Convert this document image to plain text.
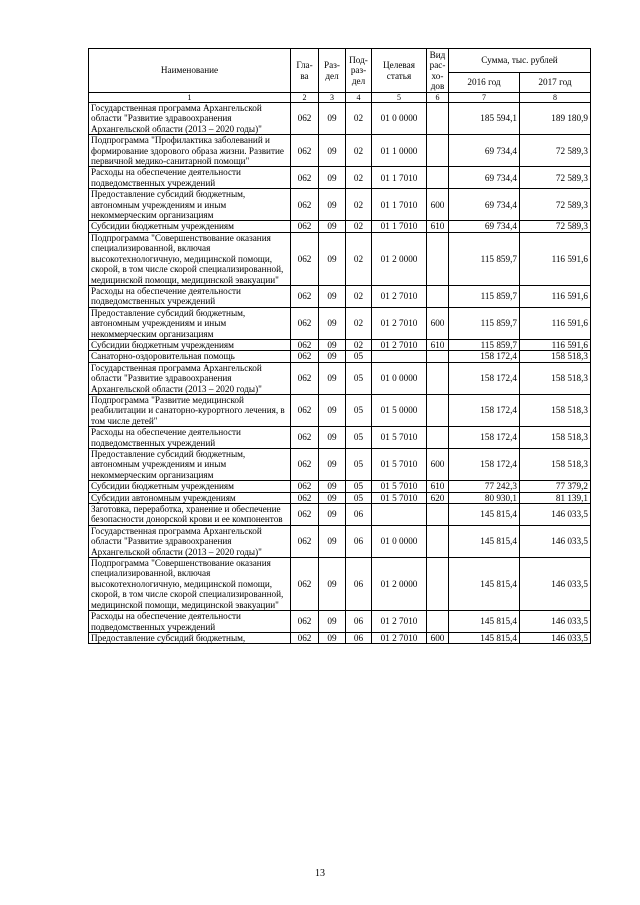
Наименование	Гла-ва	Раз-дел	Под-раз-дел	Целевая статья	Вид рас-хо-дов	Сумма, тыс. рублей	
						2016 год	2017 год
1	2	3	4	5	6	7	8
Государственная программа Архангельской области "Развитие здравоохранения Архангельской области (2013 – 2020 годы)"	062	09	02	01 0 0000		185 594,1	189 180,9
Подпрограмма "Профилактика заболеваний и формирование здорового образа жизни. Развитие первичной медико-санитарной помощи"	062	09	02	01 1 0000		69 734,4	72 589,3
Расходы на обеспечение деятельности подведомственных учреждений	062	09	02	01 1 7010		69 734,4	72 589,3
Предоставление субсидий бюджетным, автономным учреждениям и иным некоммерческим организациям	062	09	02	01 1 7010	600	69 734,4	72 589,3
Субсидии бюджетным учреждениям	062	09	02	01 1 7010	610	69 734,4	72 589,3
Подпрограмма "Совершенствование оказания специализированной, включая высокотехнологичную, медицинской помощи, скорой, в том числе скорой специализированной, медицинской помощи, медицинской эвакуации"	062	09	02	01 2 0000		115 859,7	116 591,6
Расходы на обеспечение деятельности подведомственных учреждений	062	09	02	01 2 7010		115 859,7	116 591,6
Предоставление субсидий бюджетным, автономным учреждениям и иным некоммерческим организациям	062	09	02	01 2 7010	600	115 859,7	116 591,6
Субсидии бюджетным учреждениям	062	09	02	01 2 7010	610	115 859,7	116 591,6
Санаторно-оздоровительная помощь	062	09	05			158 172,4	158 518,3
Государственная программа Архангельской области "Развитие здравоохранения Архангельской области (2013 – 2020 годы)"	062	09	05	01 0 0000		158 172,4	158 518,3
Подпрограмма "Развитие медицинской реабилитации и санаторно-курортного лечения, в том числе детей"	062	09	05	01 5 0000		158 172,4	158 518,3
Расходы на обеспечение деятельности подведомственных учреждений	062	09	05	01 5 7010		158 172,4	158 518,3
Предоставление субсидий бюджетным, автономным учреждениям и иным некоммерческим организациям	062	09	05	01 5 7010	600	158 172,4	158 518,3
Субсидии бюджетным учреждениям	062	09	05	01 5 7010	610	77 242,3	77 379,2
Субсидии автономным учреждениям	062	09	05	01 5 7010	620	80 930,1	81 139,1
Заготовка, переработка, хранение и обеспечение безопасности донорской крови и ее компонентов	062	09	06			145 815,4	146 033,5
Государственная программа Архангельской области "Развитие здравоохранения Архангельской области (2013 – 2020 годы)"	062	09	06	01 0 0000		145 815,4	146 033,5
Подпрограмма "Совершенствование оказания специализированной, включая высокотехнологичную, медицинской помощи, скорой, в том числе скорой специализированной, медицинской помощи, медицинской эвакуации"	062	09	06	01 2 0000		145 815,4	146 033,5
Расходы на обеспечение деятельности подведомственных учреждений	062	09	06	01 2 7010		145 815,4	146 033,5
Предоставление субсидий бюджетным,	062	09	06	01 2 7010	600	145 815,4	146 033,5
13
